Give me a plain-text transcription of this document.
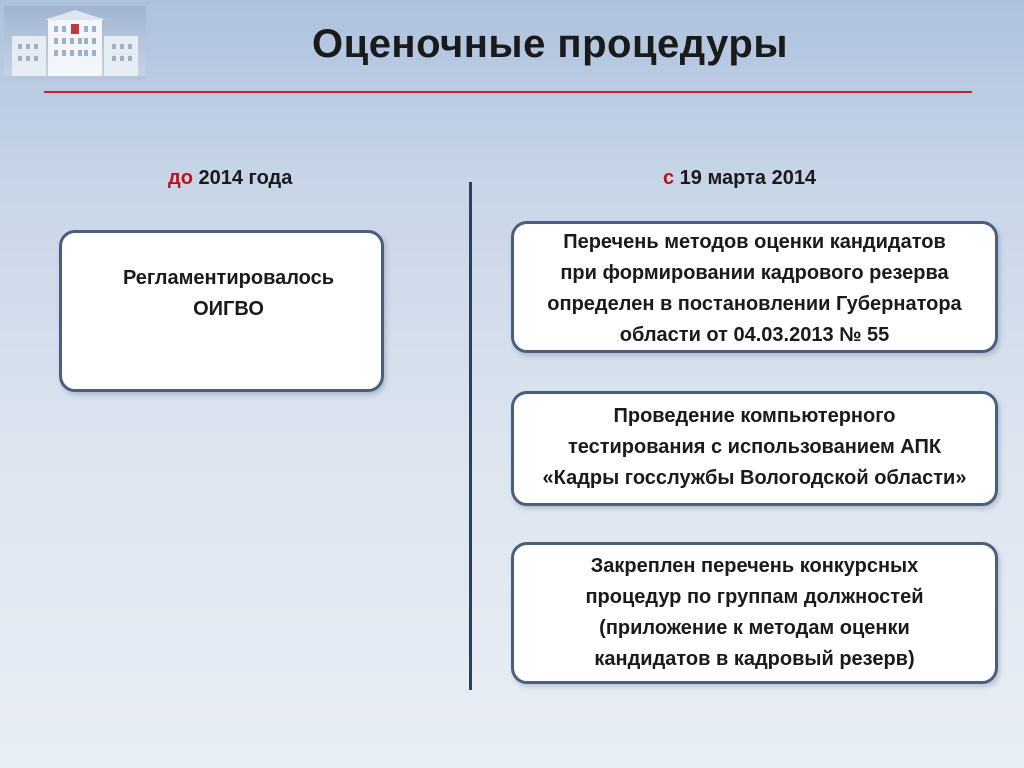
Оценочные процедуры
до 2014 года	с 19 марта 2014
Регламентировалось
ОИГВО
Перечень методов оценки кандидатов
при формировании кадрового резерва
определен в постановлении Губернатора
области от 04.03.2013 № 55
Проведение компьютерного
тестирования с использованием АПК
«Кадры госслужбы Вологодской области»
Закреплен перечень конкурсных
процедур по группам должностей
(приложение к методам оценки
кандидатов в кадровый резерв)
